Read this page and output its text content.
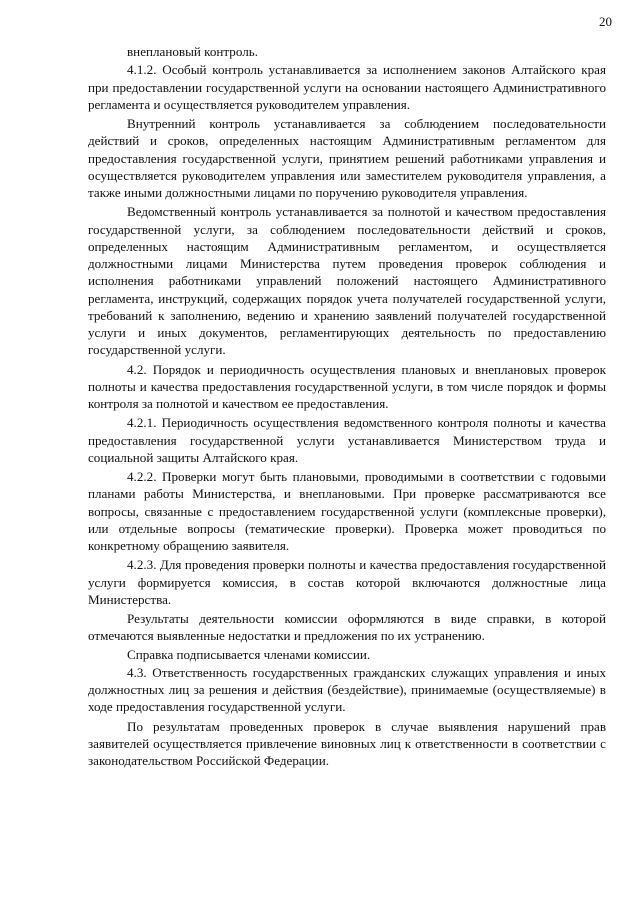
20

внеплановый контроль.

4.1.2. Особый контроль устанавливается за исполнением законов Алтайского края при предоставлении государственной услуги на основании настоящего Административного регламента и осуществляется руководителем управления.

Внутренний контроль устанавливается за соблюдением последовательности действий и сроков, определенных настоящим Административным регламентом для предоставления государственной услуги, принятием решений работниками управления и осуществляется руководителем управления или заместителем руководителя управления, а также иными должностными лицами по поручению руководителя управления.

Ведомственный контроль устанавливается за полнотой и качеством предоставления государственной услуги, за соблюдением последовательности действий и сроков, определенных настоящим Административным регламентом, и осуществляется должностными лицами Министерства путем проведения проверок соблюдения и исполнения работниками управлений положений настоящего Административного регламента, инструкций, содержащих порядок учета получателей государственной услуги, требований к заполнению, ведению и хранению заявлений получателей государственной услуги и иных документов, регламентирующих деятельность по предоставлению государственной услуги.

4.2. Порядок и периодичность осуществления плановых и внеплановых проверок полноты и качества предоставления государственной услуги, в том числе порядок и формы контроля за полнотой и качеством ее предоставления.

4.2.1. Периодичность осуществления ведомственного контроля полноты и качества предоставления государственной услуги устанавливается Министерством труда и социальной защиты Алтайского края.

4.2.2. Проверки могут быть плановыми, проводимыми в соответствии с годовыми планами работы Министерства, и внеплановыми. При проверке рассматриваются все вопросы, связанные с предоставлением государственной услуги (комплексные проверки), или отдельные вопросы (тематические проверки). Проверка может проводиться по конкретному обращению заявителя.

4.2.3. Для проведения проверки полноты и качества предоставления государственной услуги формируется комиссия, в состав которой включаются должностные лица Министерства.

Результаты деятельности комиссии оформляются в виде справки, в которой отмечаются выявленные недостатки и предложения по их устранению.

Справка подписывается членами комиссии.

4.3. Ответственность государственных гражданских служащих управления и иных должностных лиц за решения и действия (бездействие), принимаемые (осуществляемые) в ходе предоставления государственной услуги.

По результатам проведенных проверок в случае выявления нарушений прав заявителей осуществляется привлечение виновных лиц к ответственности в соответствии с законодательством Российской Федерации.
